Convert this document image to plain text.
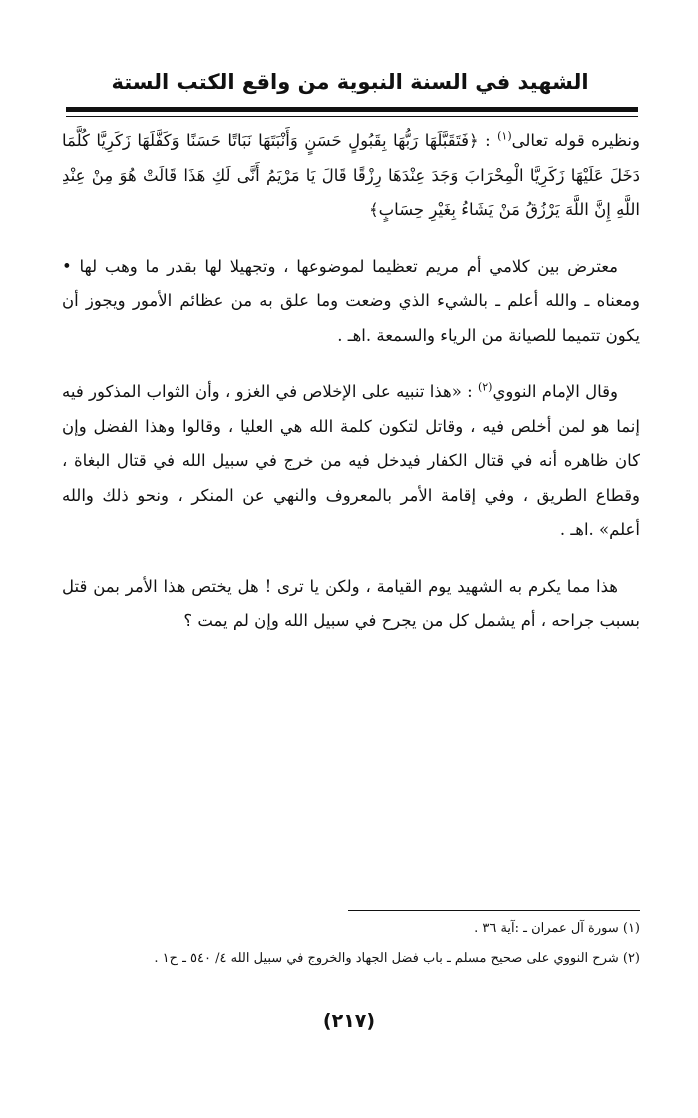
الشهيد في السنة النبوية من واقع الكتب الستة

ونظيره قوله تعالى$^{(١)}$ : ﴿فَتَقَبَّلَهَا رَبُّهَا بِقَبُولٍ حَسَنٍ وَأَنْبَتَهَا نَبَاتًا حَسَنًا وَكَفَّلَهَا زَكَرِيَّا كُلَّمَا دَخَلَ عَلَيْهَا زَكَرِيَّا الْمِحْرَابَ وَجَدَ عِنْدَهَا رِزْقًا قَالَ يَا مَرْيَمُ أَنَّى لَكِ هَذَا قَالَتْ هُوَ مِنْ عِنْدِ اللَّهِ إِنَّ اللَّهَ يَرْزُقُ مَنْ يَشَاءُ بِغَيْرِ حِسَابٍ﴾

معترض بين كلامي أم مريم تعظيما لموضوعها ، وتجهيلا لها بقدر ما وهب لها • ومعناه ـ والله أعلم ـ بالشيء الذي وضعت وما علق به من عظائم الأمور ويجوز أن يكون تتميما للصيانة من الرياء والسمعة .اهـ .

وقال الإمام النووي$^{(٢)}$ : «هذا تنبيه على الإخلاص في الغزو ، وأن الثواب المذكور فيه إنما هو لمن أخلص فيه ، وقاتل لتكون كلمة الله هي العليا ، وقالوا وهذا الفضل وإن كان ظاهره أنه في قتال الكفار فيدخل فيه من خرج في سبيل الله في قتال البغاة ، وقطاع الطريق ، وفي إقامة الأمر بالمعروف والنهي عن المنكر ، ونحو ذلك والله أعلم» .اهـ .

هذا مما يكرم به الشهيد يوم القيامة ، ولكن يا ترى ! هل يختص هذا الأمر بمن قتل بسبب جراحه ، أم يشمل كل من يجرح في سبيل الله وإن لم يمت ؟

(١) سورة آل عمران ـ :آية ٣٦ .

(٢) شرح النووي على صحيح مسلم ـ باب فضل الجهاد والخروج في سبيل الله ٤/ ٥٤٠ ـ ح١ .

(٢١٧)
